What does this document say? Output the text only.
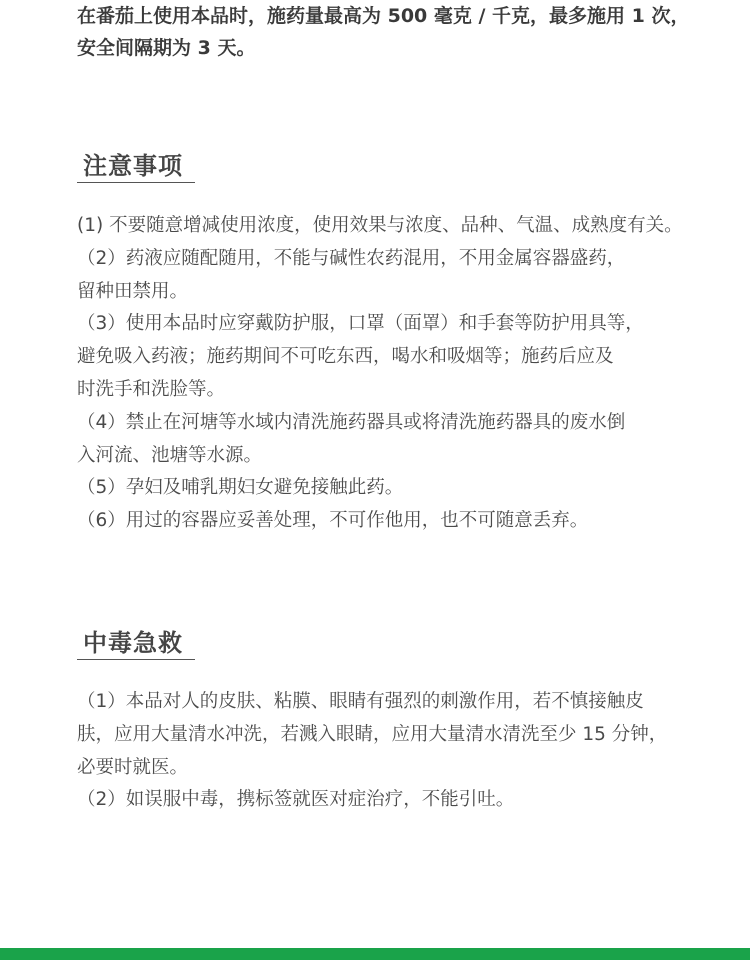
在番茄上使用本品时，施药量最高为 500 毫克 / 千克，最多施用 1 次，

安全间隔期为 3 天。

注意事项

(1) 不要随意增减使用浓度，使用效果与浓度、品种、气温、成熟度有关。

（2）药液应随配随用，不能与碱性农药混用，不用金属容器盛药，

留种田禁用。

（3）使用本品时应穿戴防护服，口罩（面罩）和手套等防护用具等，

避免吸入药液；施药期间不可吃东西，喝水和吸烟等；施药后应及

时洗手和洗脸等。

（4）禁止在河塘等水域内清洗施药器具或将清洗施药器具的废水倒

入河流、池塘等水源。

（5）孕妇及哺乳期妇女避免接触此药。

（6）用过的容器应妥善处理，不可作他用，也不可随意丢弃。

中毒急救

（1）本品对人的皮肤、粘膜、眼睛有强烈的刺激作用，若不慎接触皮

肤，应用大量清水冲洗，若溅入眼睛，应用大量清水清洗至少 15 分钟，

必要时就医。

（2）如误服中毒，携标签就医对症治疗，不能引吐。
